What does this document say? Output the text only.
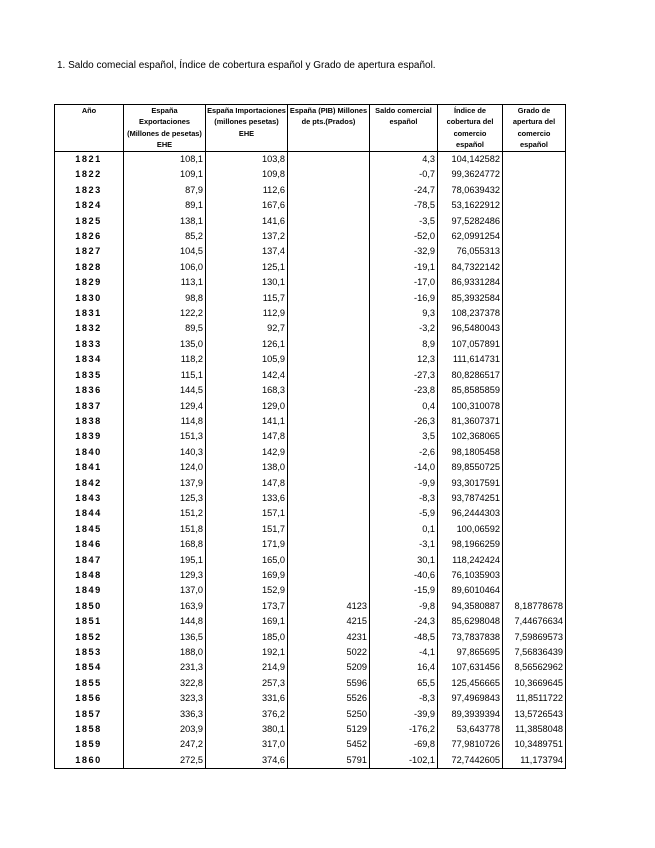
1. Saldo comecial español, Índice de cobertura español y Grado de apertura español.
Año	España Exportaciones (Millones de pesetas) EHE	España Importaciones (millones pesetas) EHE	España (PIB) Millones de pts.(Prados)	Saldo comercial español	Índice de cobertura del comercio español	Grado de apertura del comercio español
1821	108,1	103,8		4,3	104,142582	
1822	109,1	109,8		-0,7	99,3624772	
1823	87,9	112,6		-24,7	78,0639432	
1824	89,1	167,6		-78,5	53,1622912	
1825	138,1	141,6		-3,5	97,5282486	
1826	85,2	137,2		-52,0	62,0991254	
1827	104,5	137,4		-32,9	76,055313	
1828	106,0	125,1		-19,1	84,7322142	
1829	113,1	130,1		-17,0	86,9331284	
1830	98,8	115,7		-16,9	85,3932584	
1831	122,2	112,9		9,3	108,237378	
1832	89,5	92,7		-3,2	96,5480043	
1833	135,0	126,1		8,9	107,057891	
1834	118,2	105,9		12,3	111,614731	
1835	115,1	142,4		-27,3	80,8286517	
1836	144,5	168,3		-23,8	85,8585859	
1837	129,4	129,0		0,4	100,310078	
1838	114,8	141,1		-26,3	81,3607371	
1839	151,3	147,8		3,5	102,368065	
1840	140,3	142,9		-2,6	98,1805458	
1841	124,0	138,0		-14,0	89,8550725	
1842	137,9	147,8		-9,9	93,3017591	
1843	125,3	133,6		-8,3	93,7874251	
1844	151,2	157,1		-5,9	96,2444303	
1845	151,8	151,7		0,1	100,06592	
1846	168,8	171,9		-3,1	98,1966259	
1847	195,1	165,0		30,1	118,242424	
1848	129,3	169,9		-40,6	76,1035903	
1849	137,0	152,9		-15,9	89,6010464	
1850	163,9	173,7	4123	-9,8	94,3580887	8,18778678
1851	144,8	169,1	4215	-24,3	85,6298048	7,44676634
1852	136,5	185,0	4231	-48,5	73,7837838	7,59869573
1853	188,0	192,1	5022	-4,1	97,865695	7,56836439
1854	231,3	214,9	5209	16,4	107,631456	8,56562962
1855	322,8	257,3	5596	65,5	125,456665	10,3669645
1856	323,3	331,6	5526	-8,3	97,4969843	11,8511722
1857	336,3	376,2	5250	-39,9	89,3939394	13,5726543
1858	203,9	380,1	5129	-176,2	53,643778	11,3858048
1859	247,2	317,0	5452	-69,8	77,9810726	10,3489751
1860	272,5	374,6	5791	-102,1	72,7442605	11,173794
